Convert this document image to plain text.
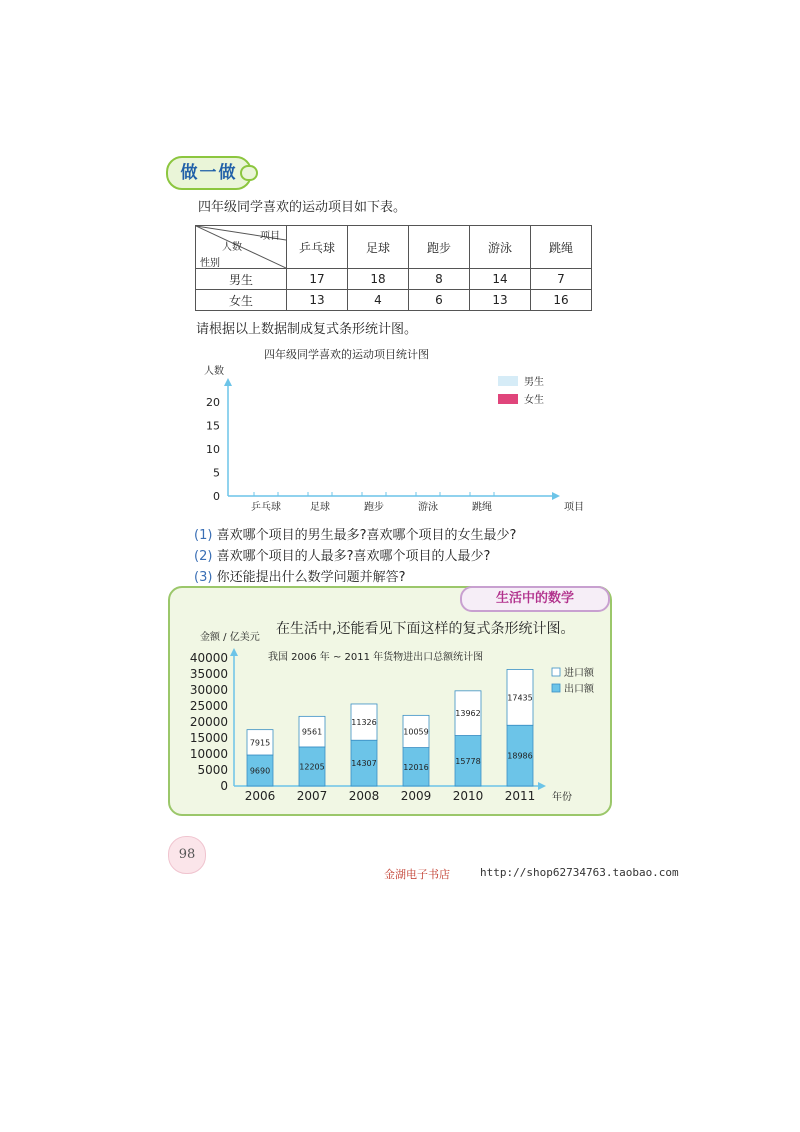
做一做
四年级同学喜欢的运动项目如下表。
项目
人数
性别	乒乓球	足球	跑步	游泳	跳绳
男生	17	18	8	14	7
女生	13	4	6	13	16
请根据以上数据制成复式条形统计图。
四年级同学喜欢的运动项目统计图
人数
0
5
10
15
20
乒乓球	足球	跑步	游泳	跳绳	项目
男生
女生
(1) 喜欢哪个项目的男生最多?喜欢哪个项目的女生最少?
(2) 喜欢哪个项目的人最多?喜欢哪个项目的人最少?
(3) 你还能提出什么数学问题并解答?
生活中的数学
在生活中,还能看见下面这样的复式条形统计图。
金额 / 亿美元
我国 2006 年 ~ 2011 年货物进出口总额统计图
0
5000
10000
15000
20000
25000
30000
35000
40000
9690
7915
2006
12205
9561
2007
14307
11326
2008
12016
10059
2009
15778
13962
2010
18986
17435
2011 年份
进口额
出口额
98
金湖电子书店	http://shop62734763.taobao.com
